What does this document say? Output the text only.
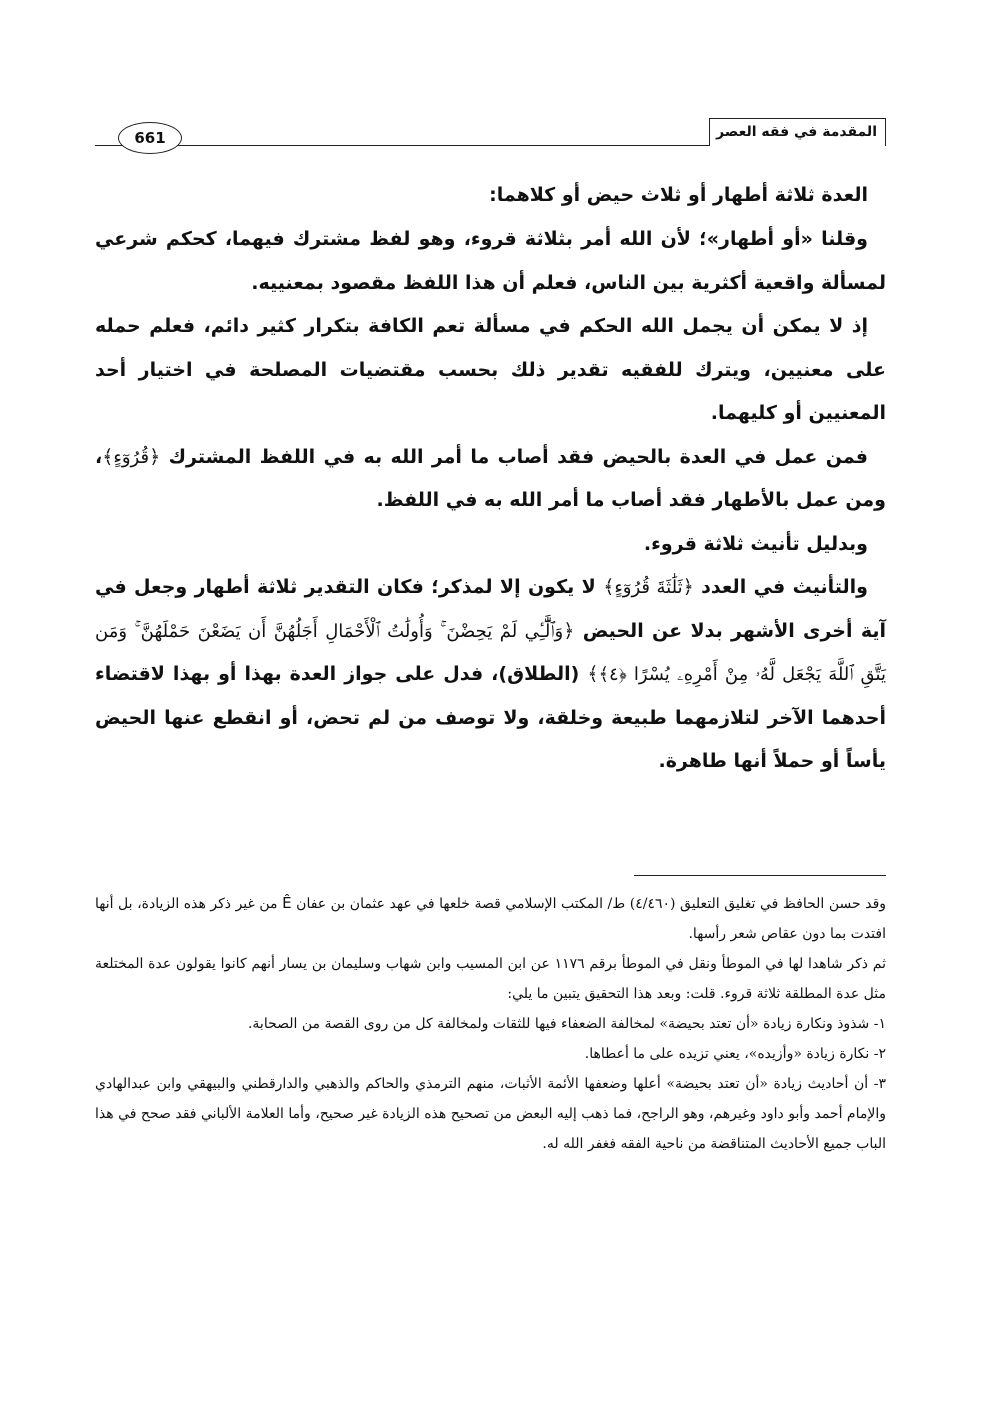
المقدمة في فقه العصر
661

العدة ثلاثة أطهار أو ثلاث حيض أو كلاهما:

وقلنا «أو أطهار»؛ لأن الله أمر بثلاثة قروء، وهو لفظ مشترك فيهما، كحكم شرعي لمسألة واقعية أكثرية بين الناس، فعلم أن هذا اللفظ مقصود بمعنييه.

إذ لا يمكن أن يجمل الله الحكم في مسألة تعم الكافة بتكرار كثير دائم، فعلم حمله على معنيين، ويترك للفقيه تقدير ذلك بحسب مقتضيات المصلحة في اختيار أحد المعنيين أو كليهما.

فمن عمل في العدة بالحيض فقد أصاب ما أمر الله به في اللفظ المشترك ﴿قُرُوٓءٍ﴾، ومن عمل بالأطهار فقد أصاب ما أمر الله به في اللفظ.

وبدليل تأنيث ثلاثة قروء.

والتأنيث في العدد ﴿ثَلَٰثَةَ قُرُوٓءٍ﴾ لا يكون إلا لمذكر؛ فكان التقدير ثلاثة أطهار وجعل في آية أخرى الأشهر بدلا عن الحيض ﴿وَٱلَّٰٓـِٔي لَمْ يَحِضْنَ ۚ وَأُولَٰتُ ٱلْأَحْمَالِ أَجَلُهُنَّ أَن يَضَعْنَ حَمْلَهُنَّ ۚ وَمَن يَتَّقِ ٱللَّهَ يَجْعَل لَّهُۥ مِنْ أَمْرِهِۦ يُسْرًا ﴿٤﴾﴾ (الطلاق)، فدل على جواز العدة بهذا أو بهذا لاقتضاء أحدهما الآخر لتلازمهما طبيعة وخلقة، ولا توصف من لم تحض، أو انقطع عنها الحيض يأساً أو حملاً أنها طاهرة.

وقد حسن الحافظ في تغليق التعليق (٤/٤٦٠) ط/ المكتب الإسلامي قصة خلعها في عهد عثمان بن عفان Ê من غير ذكر هذه الزيادة، بل أنها افتدت بما دون عقاص شعر رأسها.

ثم ذكر شاهدا لها في الموطأ ونقل في الموطأ برقم ١١٧٦ عن ابن المسيب وابن شهاب وسليمان بن يسار أنهم كانوا يقولون عدة المختلعة مثل عدة المطلقة ثلاثة قروء. قلت: وبعد هذا التحقيق يتبين ما يلي:

١- شذوذ ونكارة زيادة «أن تعتد بحيضة» لمخالفة الضعفاء فيها للثقات ولمخالفة كل من روى القصة من الصحابة.

٢- نكارة زيادة «وأزيده»، يعني تزيده على ما أعطاها.

٣- أن أحاديث زيادة «أن تعتد بحيضة» أعلها وضعفها الأئمة الأثبات، منهم الترمذي والحاكم والذهبي والدارقطني والبيهقي وابن عبدالهادي والإمام أحمد وأبو داود وغيرهم، وهو الراجح، فما ذهب إليه البعض من تصحيح هذه الزيادة غير صحيح، وأما العلامة الألباني فقد صحح في هذا الباب جميع الأحاديث المتناقضة من ناحية الفقه فغفر الله له.
